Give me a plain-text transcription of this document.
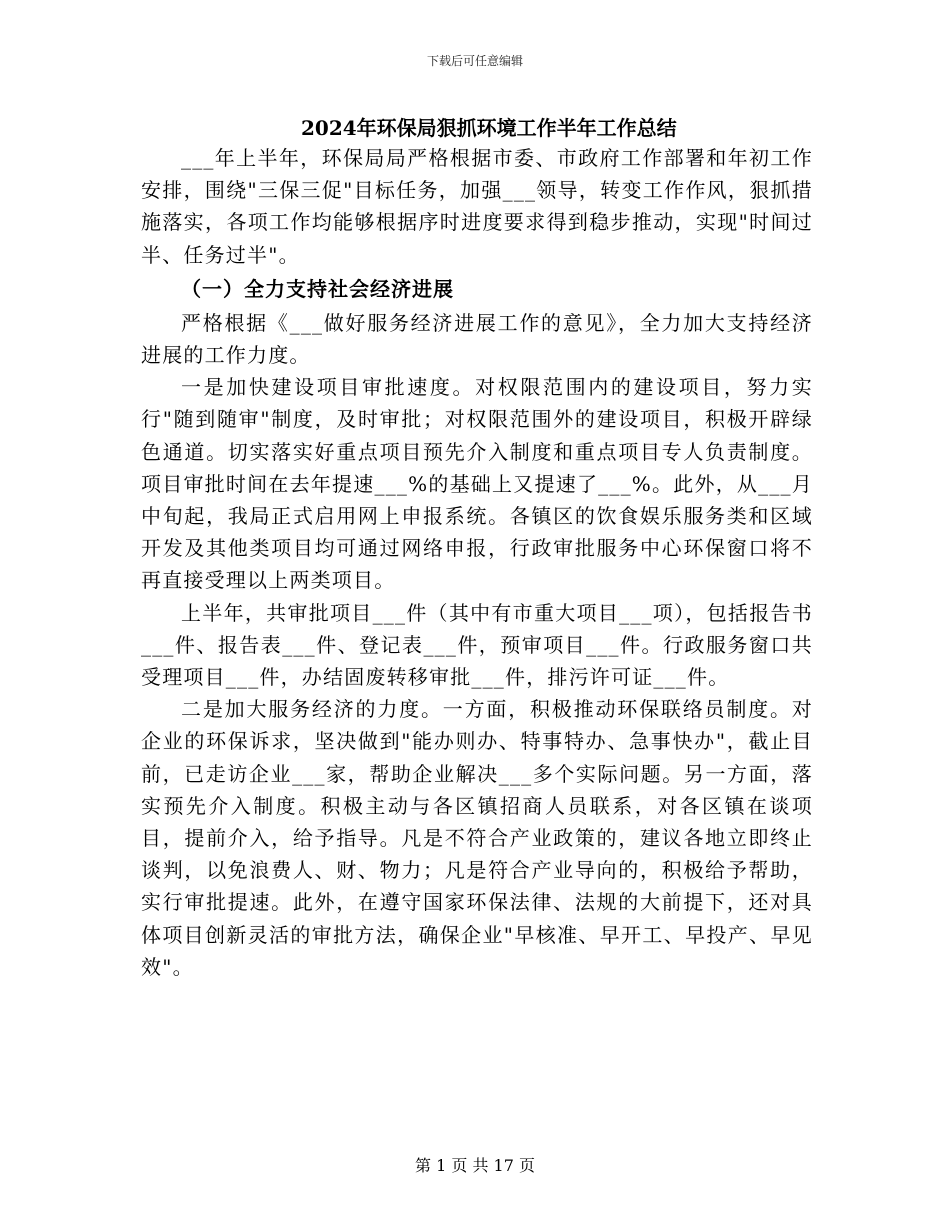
下载后可任意编辑
2024年环保局狠抓环境工作半年工作总结

___年上半年，环保局局严格根据市委、市政府工作部署和年初工作安排，围绕"三保三促"目标任务，加强___领导，转变工作作风，狠抓措施落实，各项工作均能够根据序时进度要求得到稳步推动，实现"时间过半、任务过半"。

（一）全力支持社会经济进展

严格根据《___做好服务经济进展工作的意见》，全力加大支持经济进展的工作力度。

一是加快建设项目审批速度。对权限范围内的建设项目，努力实行"随到随审"制度，及时审批；对权限范围外的建设项目，积极开辟绿色通道。切实落实好重点项目预先介入制度和重点项目专人负责制度。项目审批时间在去年提速___%的基础上又提速了___%。此外，从___月中旬起，我局正式启用网上申报系统。各镇区的饮食娱乐服务类和区域开发及其他类项目均可通过网络申报，行政审批服务中心环保窗口将不再直接受理以上两类项目。

上半年，共审批项目___件（其中有市重大项目___项），包括报告书___件、报告表___件、登记表___件，预审项目___件。行政服务窗口共受理项目___件，办结固废转移审批___件，排污许可证___件。

二是加大服务经济的力度。一方面，积极推动环保联络员制度。对企业的环保诉求，坚决做到"能办则办、特事特办、急事快办"，截止目前，已走访企业___家，帮助企业解决___多个实际问题。另一方面，落实预先介入制度。积极主动与各区镇招商人员联系，对各区镇在谈项目，提前介入，给予指导。凡是不符合产业政策的，建议各地立即终止谈判，以免浪费人、财、物力；凡是符合产业导向的，积极给予帮助，实行审批提速。此外，在遵守国家环保法律、法规的大前提下，还对具体项目创新灵活的审批方法，确保企业"早核准、早开工、早投产、早见效"。

第 1 页 共 17 页
